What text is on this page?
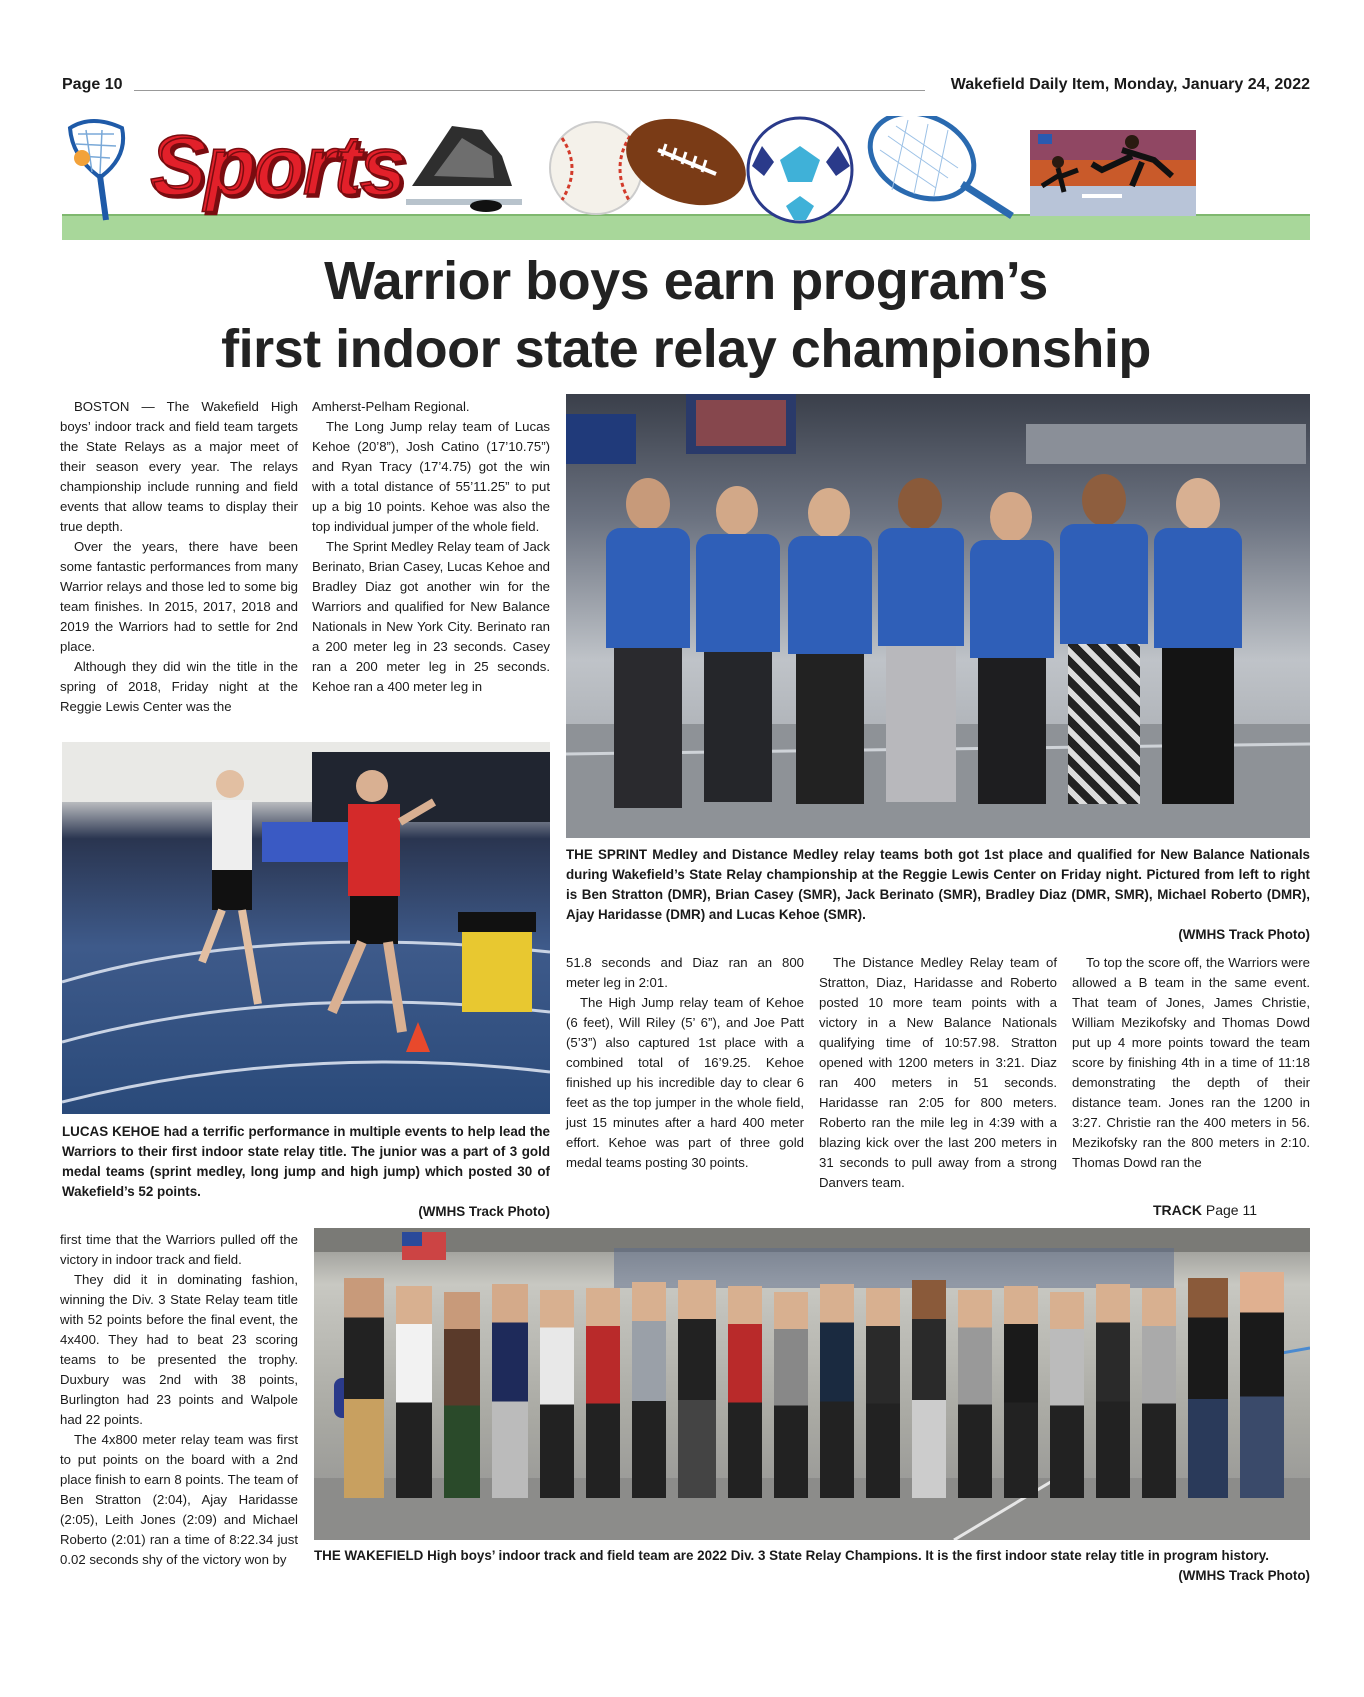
Page 10	Wakefield Daily Item, Monday, January 24, 2022
Sports
Warrior boys earn program’s
first indoor state relay championship

BOSTON — The Wakefield High boys’ indoor track and field team targets the State Relays as a major meet of their season every year. The relays championship include running and field events that allow teams to display their true depth.

Over the years, there have been some fantastic performances from many Warrior relays and those led to some big team finishes. In 2015, 2017, 2018 and 2019 the Warriors had to settle for 2nd place.

Although they did win the title in the spring of 2018, Friday night at the Reggie Lewis Center was the

Amherst-Pelham Regional.

The Long Jump relay team of Lucas Kehoe (20’8”), Josh Catino (17’10.75”) and Ryan Tracy (17’4.75) got the win with a total distance of 55’11.25” to put up a big 10 points. Kehoe was also the top individual jumper of the whole field.

The Sprint Medley Relay team of Jack Berinato, Brian Casey, Lucas Kehoe and Bradley Diaz got another win for the Warriors and qualified for New Balance Nationals in New York City. Berinato ran a 200 meter leg in 23 seconds. Casey ran a 200 meter leg in 25 seconds. Kehoe ran a 400 meter leg in

THE SPRINT Medley and Distance Medley relay teams both got 1st place and qualified for New Balance Nationals during Wakefield’s State Relay championship at the Reggie Lewis Center on Friday night. Pictured from left to right is Ben Stratton (DMR), Brian Casey (SMR), Jack Berinato (SMR), Bradley Diaz (DMR, SMR), Michael Roberto (DMR), Ajay Haridasse (DMR) and Lucas Kehoe (SMR).
(WMHS Track Photo)
LUCAS KEHOE had a terrific performance in multiple events to help lead the Warriors to their first indoor state relay title. The junior was a part of 3 gold medal teams (sprint medley, long jump and high jump) which posted 30 of Wakefield’s 52 points.
(WMHS Track Photo)

51.8 seconds and Diaz ran an 800 meter leg in 2:01.

The High Jump relay team of Kehoe (6 feet), Will Riley (5’ 6”), and Joe Patt (5’3”) also captured 1st place with a combined total of 16’9.25. Kehoe finished up his incredible day to clear 6 feet as the top jumper in the whole field, just 15 minutes after a hard 400 meter effort. Kehoe was part of three gold medal teams posting 30 points.

The Distance Medley Relay team of Stratton, Diaz, Haridasse and Roberto posted 10 more team points with a victory in a New Balance Nationals qualifying time of 10:57.98. Stratton opened with 1200 meters in 3:21. Diaz ran 400 meters in 51 seconds. Haridasse ran 2:05 for 800 meters. Roberto ran the mile leg in 4:39 with a blazing kick over the last 200 meters in 31 seconds to pull away from a strong Danvers team.

To top the score off, the Warriors were allowed a B team in the same event. That team of Jones, James Christie, William Mezikofsky and Thomas Dowd put up 4 more points toward the team score by finishing 4th in a time of 11:18 demonstrating the depth of their distance team. Jones ran the 1200 in 3:27. Christie ran the 400 meters in 56. Mezikofsky ran the 800 meters in 2:10. Thomas Dowd ran the

TRACK Page 11

first time that the Warriors pulled off the victory in indoor track and field.

They did it in dominating fashion, winning the Div. 3 State Relay team title with 52 points before the final event, the 4x400. They had to beat 23 scoring teams to be presented the trophy. Duxbury was 2nd with 38 points, Burlington had 23 points and Walpole had 22 points.

The 4x800 meter relay team was first to put points on the board with a 2nd place finish to earn 8 points. The team of Ben Stratton (2:04), Ajay Haridasse (2:05), Leith Jones (2:09) and Michael Roberto (2:01) ran a time of 8:22.34 just 0.02 seconds shy of the victory won by	THE WAKEFIELD High boys’ indoor track and field team are 2022 Div. 3 State Relay Champions. It is the first indoor state relay title in program history.
(WMHS Track Photo)
